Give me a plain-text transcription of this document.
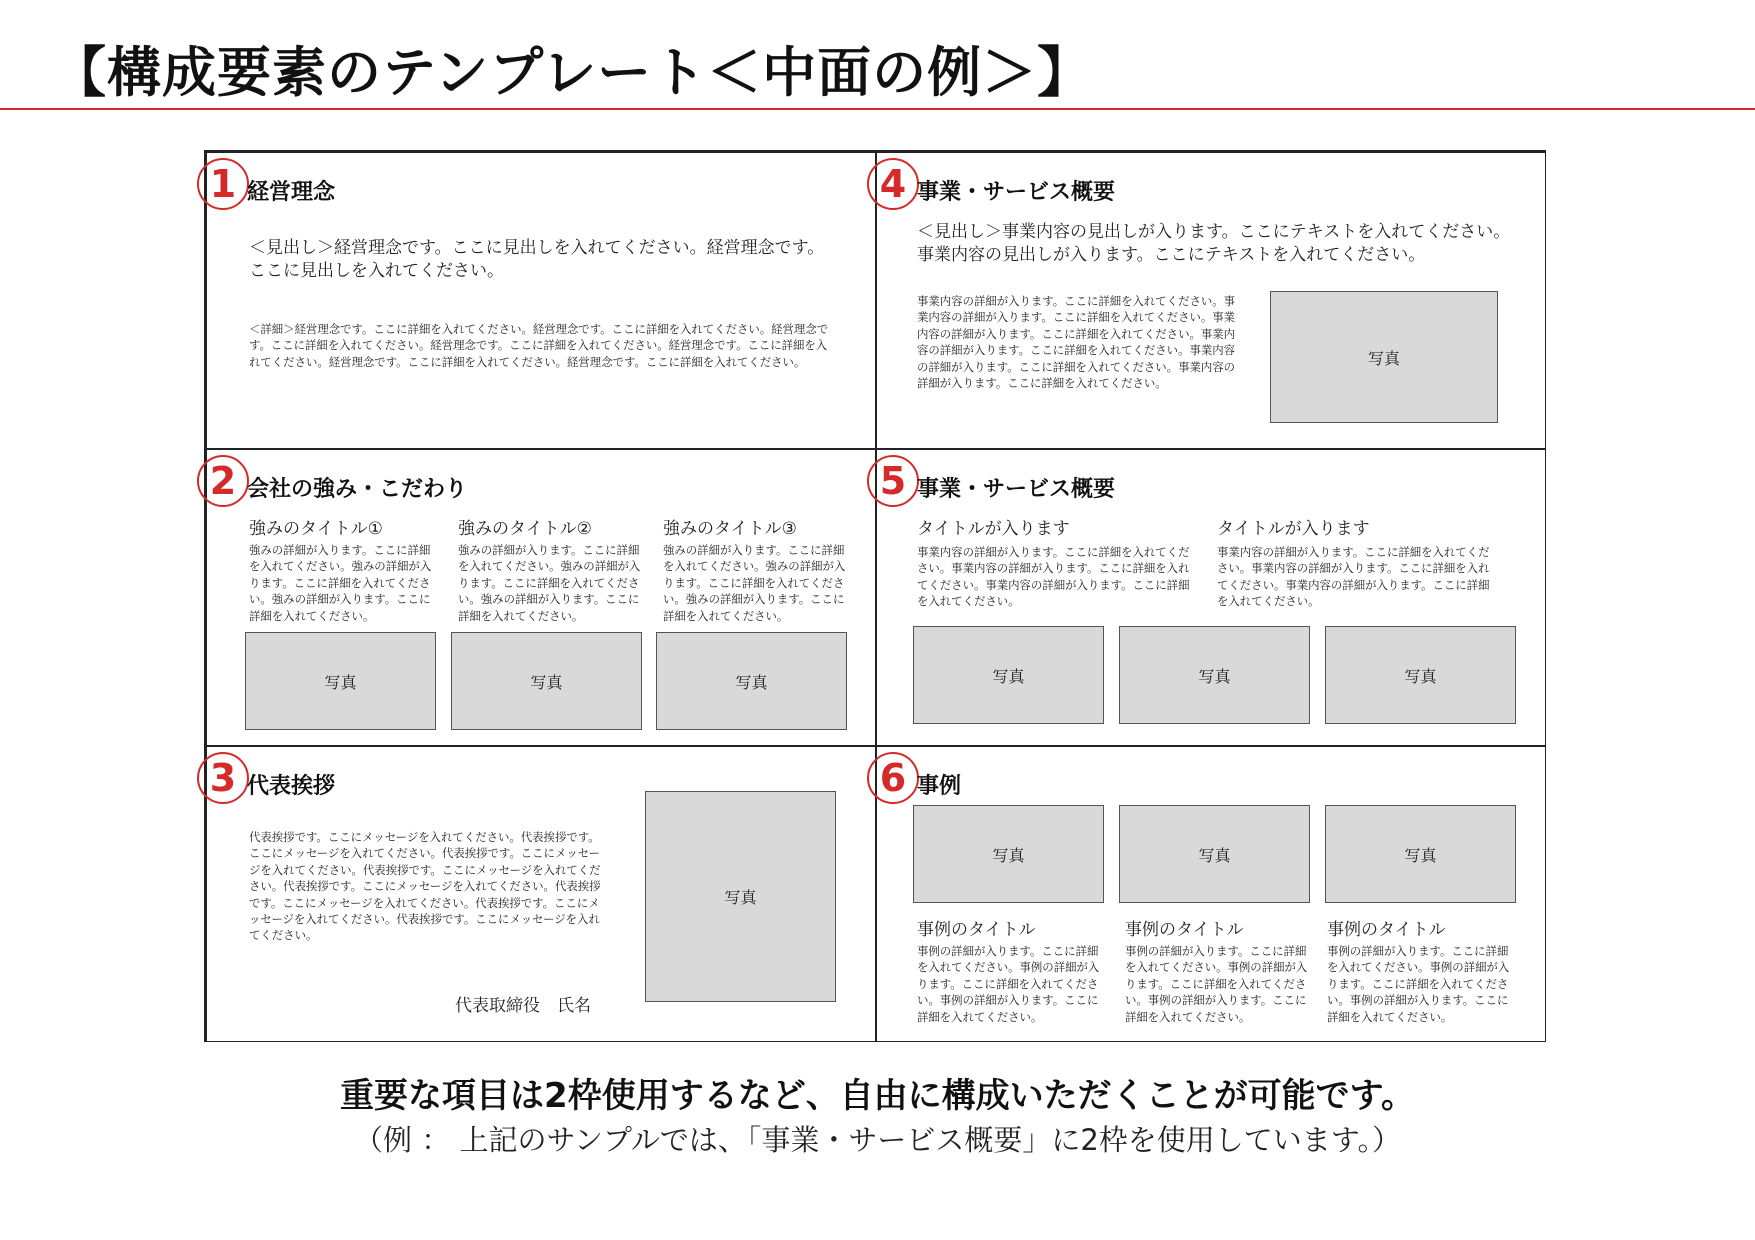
【構成要素のテンプレート＜中面の例＞】
1 経営理念
＜見出し＞経営理念です。ここに見出しを入れてください。経営理念です。ここに見出しを入れてください。
＜詳細＞経営理念です。ここに詳細を入れてください。経営理念です。ここに詳細を入れてください。経営理念です。ここに詳細を入れてください。経営理念です。ここに詳細を入れてください。経営理念です。ここに詳細を入れてください。経営理念です。ここに詳細を入れてください。経営理念です。ここに詳細を入れてください。
4 事業・サービス概要
＜見出し＞事業内容の見出しが入ります。ここにテキストを入れてください。事業内容の見出しが入ります。ここにテキストを入れてください。
事業内容の詳細が入ります。ここに詳細を入れてください。事業内容の詳細が入ります。ここに詳細を入れてください。事業内容の詳細が入ります。ここに詳細を入れてください。事業内容の詳細が入ります。ここに詳細を入れてください。事業内容の詳細が入ります。ここに詳細を入れてください。事業内容の詳細が入ります。ここに詳細を入れてください。
写真
2 会社の強み・こだわり
強みのタイトル①
強みの詳細が入ります。ここに詳細を入れてください。強みの詳細が入ります。ここに詳細を入れてください。強みの詳細が入ります。ここに詳細を入れてください。
写真
強みのタイトル②
強みの詳細が入ります。ここに詳細を入れてください。強みの詳細が入ります。ここに詳細を入れてください。強みの詳細が入ります。ここに詳細を入れてください。
写真
強みのタイトル③
強みの詳細が入ります。ここに詳細を入れてください。強みの詳細が入ります。ここに詳細を入れてください。強みの詳細が入ります。ここに詳細を入れてください。
写真
5 事業・サービス概要
タイトルが入ります
事業内容の詳細が入ります。ここに詳細を入れてください。事業内容の詳細が入ります。ここに詳細を入れてください。事業内容の詳細が入ります。ここに詳細を入れてください。
タイトルが入ります
事業内容の詳細が入ります。ここに詳細を入れてください。事業内容の詳細が入ります。ここに詳細を入れてください。事業内容の詳細が入ります。ここに詳細を入れてください。
写真	写真	写真
3 代表挨拶
代表挨拶です。ここにメッセージを入れてください。代表挨拶です。ここにメッセージを入れてください。代表挨拶です。ここにメッセージを入れてください。代表挨拶です。ここにメッセージを入れてください。代表挨拶です。ここにメッセージを入れてください。代表挨拶です。ここにメッセージを入れてください。代表挨拶です。ここにメッセージを入れてください。代表挨拶です。ここにメッセージを入れてください。
代表取締役　氏名
写真
6 事例
写真	写真	写真
事例のタイトル
事例の詳細が入ります。ここに詳細を入れてください。事例の詳細が入ります。ここに詳細を入れてください。事例の詳細が入ります。ここに詳細を入れてください。
事例のタイトル
事例の詳細が入ります。ここに詳細を入れてください。事例の詳細が入ります。ここに詳細を入れてください。事例の詳細が入ります。ここに詳細を入れてください。
事例のタイトル
事例の詳細が入ります。ここに詳細を入れてください。事例の詳細が入ります。ここに詳細を入れてください。事例の詳細が入ります。ここに詳細を入れてください。
重要な項目は2枠使用するなど、自由に構成いただくことが可能です。
（例 ： 上記のサンプルでは、「事業・サービス概要」に2枠を使用しています。）
